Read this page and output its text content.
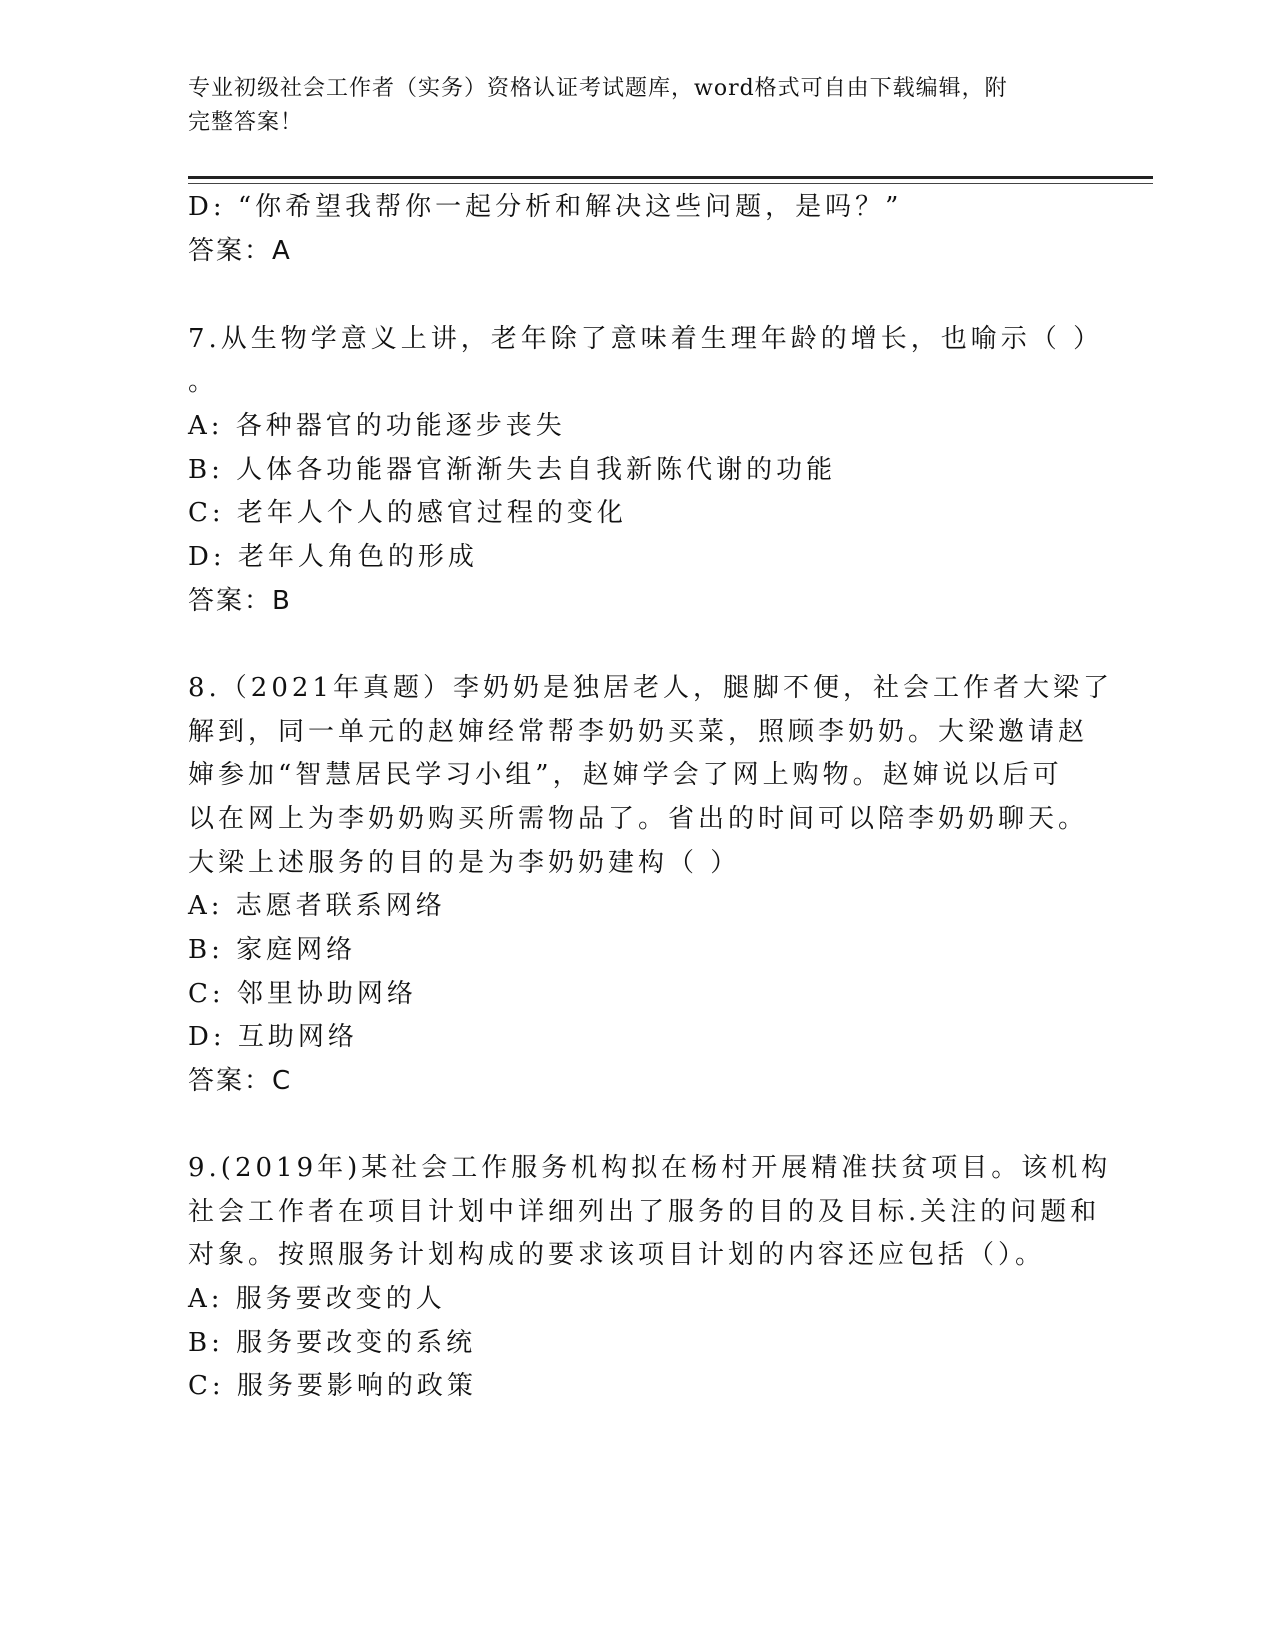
专业初级社会工作者（实务）资格认证考试题库，word格式可自由下载编辑，附
完整答案！
D: “你希望我帮你一起分析和解决这些问题，是吗？”
答案：A
7.从生物学意义上讲，老年除了意味着生理年龄的增长，也喻示（ ）
。
A: 各种器官的功能逐步丧失
B: 人体各功能器官渐渐失去自我新陈代谢的功能
C: 老年人个人的感官过程的变化
D: 老年人角色的形成
答案：B
8.（2021年真题）李奶奶是独居老人，腿脚不便，社会工作者大梁了
解到，同一单元的赵婶经常帮李奶奶买菜，照顾李奶奶。大梁邀请赵
婶参加“智慧居民学习小组”，赵婶学会了网上购物。赵婶说以后可
以在网上为李奶奶购买所需物品了。省出的时间可以陪李奶奶聊天。
大梁上述服务的目的是为李奶奶建构（ ）
A: 志愿者联系网络
B: 家庭网络
C: 邻里协助网络
D: 互助网络
答案：C
9.(2019年)某社会工作服务机构拟在杨村开展精准扶贫项目。该机构
社会工作者在项目计划中详细列出了服务的目的及目标.关注的问题和
对象。按照服务计划构成的要求该项目计划的内容还应包括（）。
A: 服务要改变的人
B: 服务要改变的系统
C: 服务要影响的政策
